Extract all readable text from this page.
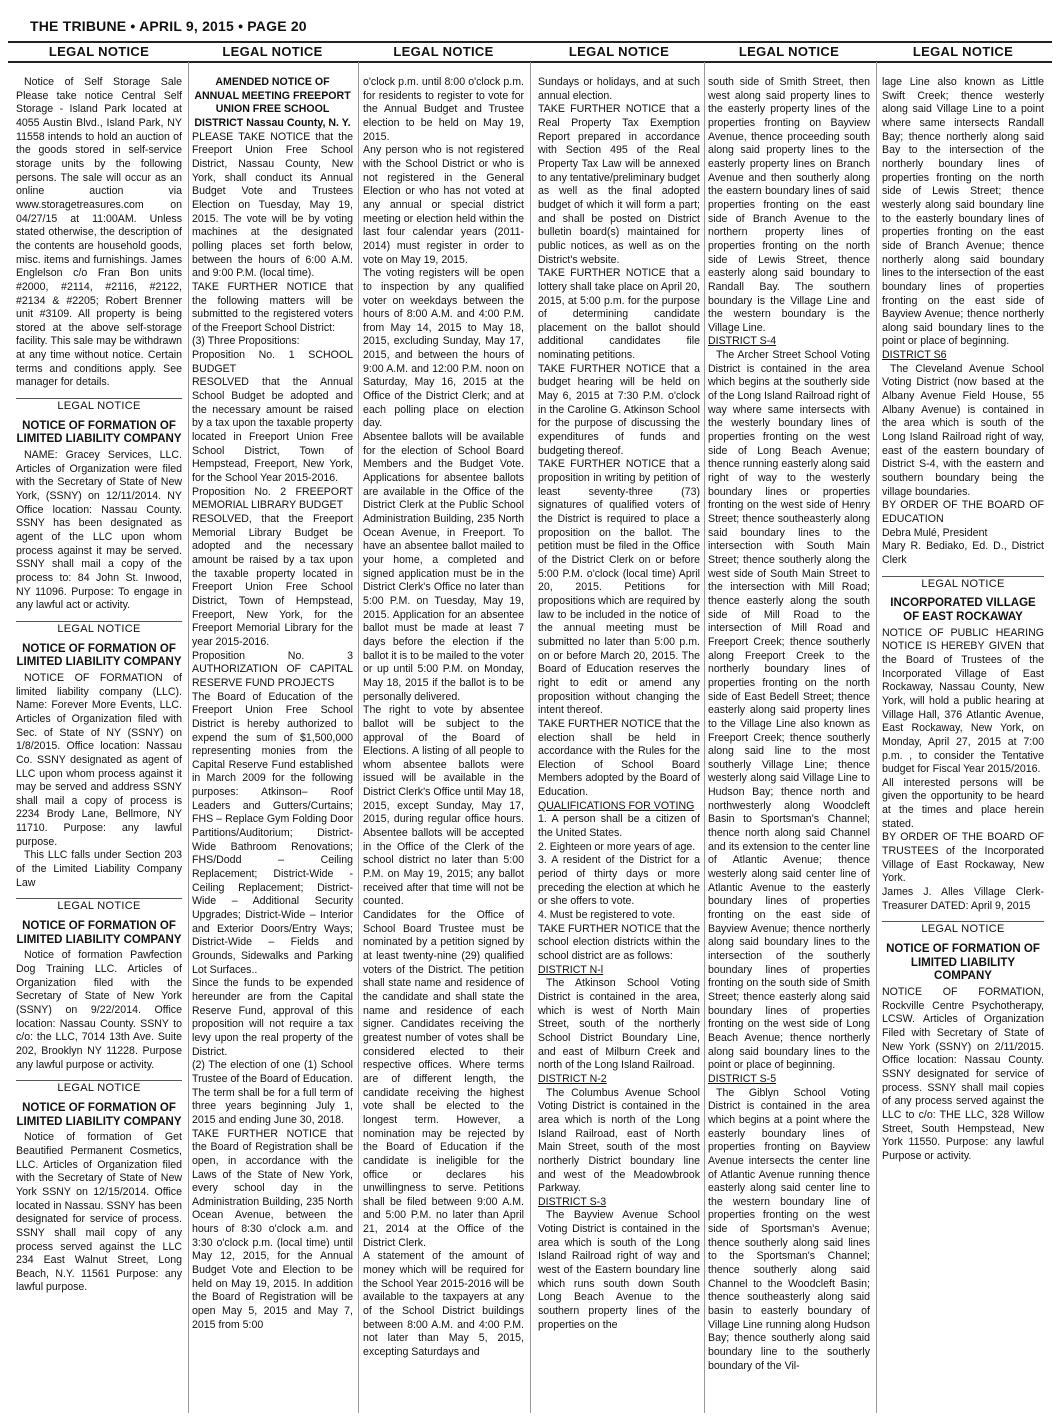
THE TRIBUNE • APRIL 9, 2015 • PAGE 20
LEGAL NOTICE

Notice of Self Storage Sale Please take notice Central Self Storage - Island Park located at 4055 Austin Blvd., Island Park, NY 11558 intends to hold an auction of the goods stored in self-service storage units by the following persons. The sale will occur as an online auction via www.storagetreasures.com on 04/27/15 at 11:00AM. Unless stated otherwise, the description of the contents are household goods, misc. items and furnishings. James Englelson c/o Fran Bon units #2000, #2114, #2116, #2122, #2134 & #2205; Robert Brenner unit #3109. All property is being stored at the above self-storage facility. This sale may be withdrawn at any time without notice. Certain terms and conditions apply. See manager for details.

LEGAL NOTICE
NOTICE OF FORMATION OF LIMITED LIABILITY COMPANY

NAME: Gracey Services, LLC. Articles of Organization were filed with the Secretary of State of New York, (SSNY) on 12/11/2014. NY Office location: Nassau County. SSNY has been designated as agent of the LLC upon whom process against it may be served. SSNY shall mail a copy of the process to: 84 John St. Inwood, NY 11096. Purpose: To engage in any lawful act or activity.

LEGAL NOTICE
NOTICE OF FORMATION OF LIMITED LIABILITY COMPANY

NOTICE OF FORMATION of limited liability company (LLC). Name: Forever More Events, LLC. Articles of Organization filed with Sec. of State of NY (SSNY) on 1/8/2015. Office location: Nassau Co. SSNY designated as agent of LLC upon whom process against it may be served and address SSNY shall mail a copy of process is 2234 Brody Lane, Bellmore, NY 11710. Purpose: any lawful purpose.

This LLC falls under Section 203 of the Limited Liability Company Law

LEGAL NOTICE
NOTICE OF FORMATION OF LIMITED LIABILITY COMPANY

Notice of formation Pawfection Dog Training LLC. Articles of Organization filed with the Secretary of State of New York (SSNY) on 9/22/2014. Office location: Nassau County. SSNY to c/o: the LLC, 7014 13th Ave. Suite 202, Brooklyn NY 11228. Purpose any lawful purpose or activity.

LEGAL NOTICE
NOTICE OF FORMATION OF LIMITED LIABILITY COMPANY

Notice of formation of Get Beautified Permanent Cosmetics, LLC. Articles of Organization filed with the Secretary of State of New York SSNY on 12/15/2014. Office located in Nassau. SSNY has been designated for service of process. SSNY shall mail copy of any process served against the LLC 234 East Walnut Street, Long Beach, N.Y. 11561 Purpose: any lawful purpose.

LEGAL NOTICE
AMENDED NOTICE OF ANNUAL MEETING FREEPORT UNION FREE SCHOOL DISTRICT Nassau County, N. Y.

PLEASE TAKE NOTICE that the Freeport Union Free School District, Nassau County, New York, shall conduct its Annual Budget Vote and Trustees Election on Tuesday, May 19, 2015. The vote will be by voting machines at the designated polling places set forth below, between the hours of 6:00 A.M. and 9:00 P.M. (local time).

TAKE FURTHER NOTICE that the following matters will be submitted to the registered voters of the Freeport School District:

(3) Three Propositions:

Proposition No. 1 SCHOOL BUDGET

RESOLVED that the Annual School Budget be adopted and the necessary amount be raised by a tax upon the taxable property located in Freeport Union Free School District, Town of Hempstead, Freeport, New York, for the School Year 2015-2016.

Proposition No. 2 FREEPORT MEMORIAL LIBRARY BUDGET

RESOLVED, that the Freeport Memorial Library Budget be adopted and the necessary amount be raised by a tax upon the taxable property located in Freeport Union Free School District, Town of Hempstead, Freeport, New York, for the Freeport Memorial Library for the year 2015-2016.

Proposition No. 3 AUTHORIZATION OF CAPITAL RESERVE FUND PROJECTS

The Board of Education of the Freeport Union Free School District is hereby authorized to expend the sum of $1,500,000 representing monies from the Capital Reserve Fund established in March 2009 for the following purposes: Atkinson– Roof Leaders and Gutters/Curtains; FHS – Replace Gym Folding Door Partitions/Auditorium; District-Wide Bathroom Renovations; FHS/Dodd – Ceiling Replacement; District-Wide - Ceiling Replacement; District-Wide – Additional Security Upgrades; District-Wide – Interior and Exterior Doors/Entry Ways; District-Wide – Fields and Grounds, Sidewalks and Parking Lot Surfaces..

Since the funds to be expended hereunder are from the Capital Reserve Fund, approval of this proposition will not require a tax levy upon the real property of the District.

(2) The election of one (1) School Trustee of the Board of Education. The term shall be for a full term of three years beginning July 1, 2015 and ending June 30, 2018.

TAKE FURTHER NOTICE that the Board of Registration shall be open, in accordance with the Laws of the State of New York, every school day in the Administration Building, 235 North Ocean Avenue, between the hours of 8:30 o'clock a.m. and 3:30 o'clock p.m. (local time) until May 12, 2015, for the Annual Budget Vote and Election to be held on May 19, 2015. In addition the Board of Registration will be open May 5, 2015 and May 7, 2015 from 5:00

LEGAL NOTICE

o'clock p.m. until 8:00 o'clock p.m. for residents to register to vote for the Annual Budget and Trustee election to be held on May 19, 2015.

Any person who is not registered with the School District or who is not registered in the General Election or who has not voted at any annual or special district meeting or election held within the last four calendar years (2011-2014) must register in order to vote on May 19, 2015.

The voting registers will be open to inspection by any qualified voter on weekdays between the hours of 8:00 A.M. and 4:00 P.M. from May 14, 2015 to May 18, 2015, excluding Sunday, May 17, 2015, and between the hours of 9:00 A.M. and 12:00 P.M. noon on Saturday, May 16, 2015 at the Office of the District Clerk; and at each polling place on election day.

Absentee ballots will be available for the election of School Board Members and the Budget Vote. Applications for absentee ballots are available in the Office of the District Clerk at the Public School Administration Building, 235 North Ocean Avenue, in Freeport. To have an absentee ballot mailed to your home, a completed and signed application must be in the District Clerk's Office no later than 5:00 P.M. on Tuesday, May 19, 2015. Application for an absentee ballot must be made at least 7 days before the election if the ballot it is to be mailed to the voter or up until 5:00 P.M. on Monday, May 18, 2015 if the ballot is to be personally delivered.

The right to vote by absentee ballot will be subject to the approval of the Board of Elections. A listing of all people to whom absentee ballots were issued will be available in the District Clerk's Office until May 18, 2015, except Sunday, May 17, 2015, during regular office hours. Absentee ballots will be accepted in the Office of the Clerk of the school district no later than 5:00 P.M. on May 19, 2015; any ballot received after that time will not be counted.

Candidates for the Office of School Board Trustee must be nominated by a petition signed by at least twenty-nine (29) qualified voters of the District. The petition shall state name and residence of the candidate and shall state the name and residence of each signer. Candidates receiving the greatest number of votes shall be considered elected to their respective offices. Where terms are of different length, the candidate receiving the highest vote shall be elected to the longest term. However, a nomination may be rejected by the Board of Education if the candidate is ineligible for the office or declares his unwillingness to serve. Petitions shall be filed between 9:00 A.M. and 5:00 P.M. no later than April 21, 2014 at the Office of the District Clerk.

A statement of the amount of money which will be required for the School Year 2015-2016 will be available to the taxpayers at any of the School District buildings between 8:00 A.M. and 4:00 P.M. not later than May 5, 2015, excepting Saturdays and

LEGAL NOTICE

Sundays or holidays, and at such annual election.

TAKE FURTHER NOTICE that a Real Property Tax Exemption Report prepared in accordance with Section 495 of the Real Property Tax Law will be annexed to any tentative/preliminary budget as well as the final adopted budget of which it will form a part; and shall be posted on District bulletin board(s) maintained for public notices, as well as on the District's website.

TAKE FURTHER NOTICE that a lottery shall take place on April 20, 2015, at 5:00 p.m. for the purpose of determining candidate placement on the ballot should additional candidates file nominating petitions.

TAKE FURTHER NOTICE that a budget hearing will be held on May 6, 2015 at 7:30 P.M. o'clock in the Caroline G. Atkinson School for the purpose of discussing the expenditures of funds and budgeting thereof.

TAKE FURTHER NOTICE that a proposition in writing by petition of least seventy-three (73) signatures of qualified voters of the District is required to place a proposition on the ballot. The petition must be filed in the Office of the District Clerk on or before 5:00 P.M. o'clock (local time) April 20, 2015. Petitions for propositions which are required by law to be included in the notice of the annual meeting must be submitted no later than 5:00 p.m. on or before March 20, 2015. The Board of Education reserves the right to edit or amend any proposition without changing the intent thereof.

TAKE FURTHER NOTICE that the election shall be held in accordance with the Rules for the Election of School Board Members adopted by the Board of Education.

QUALIFICATIONS FOR VOTING

1. A person shall be a citizen of the United States.

2. Eighteen or more years of age.

3. A resident of the District for a period of thirty days or more preceding the election at which he or she offers to vote.

4. Must be registered to vote.

TAKE FURTHER NOTICE that the school election districts within the school district are as follows:

DISTRICT N-l

The Atkinson School Voting District is contained in the area, which is west of North Main Street, south of the northerly School District Boundary Line, and east of Milburn Creek and north of the Long Island Railroad.

DISTRICT N-2

The Columbus Avenue School Voting District is contained in the area which is north of the Long Island Railroad, east of North Main Street, south of the most northerly District boundary line and west of the Meadowbrook Parkway.

DISTRICT S-3

The Bayview Avenue School Voting District is contained in the area which is south of the Long Island Railroad right of way and west of the Eastern boundary line which runs south down South Long Beach Avenue to the southern property lines of the properties on the

LEGAL NOTICE

south side of Smith Street, then west along said property lines to the easterly property lines of the properties fronting on Bayview Avenue, thence proceeding south along said property lines to the easterly property lines on Branch Avenue and then southerly along the eastern boundary lines of said properties fronting on the east side of Branch Avenue to the northern property lines of properties fronting on the north side of Lewis Street, thence easterly along said boundary to Randall Bay. The southern boundary is the Village Line and the western boundary is the Village Line.

DISTRICT S-4

The Archer Street School Voting District is contained in the area which begins at the southerly side of the Long Island Railroad right of way where same intersects with the westerly boundary lines of properties fronting on the west side of Long Beach Avenue; thence running easterly along said right of way to the westerly boundary lines or properties fronting on the west side of Henry Street; thence southeasterly along said boundary lines to the intersection with South Main Street; thence southerly along the west side of South Main Street to the intersection with Mill Road; thence easterly along the south side of Mill Road to the intersection of Mill Road and Freeport Creek; thence southerly along Freeport Creek to the northerly boundary lines of properties fronting on the north side of East Bedell Street; thence easterly along said property lines to the Village Line also known as Freeport Creek; thence southerly along said line to the most southerly Village Line; thence westerly along said Village Line to Hudson Bay; thence north and northwesterly along Woodcleft Basin to Sportsman's Channel; thence north along said Channel and its extension to the center line of Atlantic Avenue; thence westerly along said center line of Atlantic Avenue to the easterly boundary lines of properties fronting on the east side of Bayview Avenue; thence northerly along said boundary lines to the intersection of the southerly boundary lines of properties fronting on the south side of Smith Street; thence easterly along said boundary lines of properties fronting on the west side of Long Beach Avenue; thence northerly along said boundary lines to the point or place of beginning.

DISTRICT S-5

The Giblyn School Voting District is contained in the area which begins at a point where the easterly boundary lines of properties fronting on Bayview Avenue intersects the center line of Atlantic Avenue running thence easterly along said center line to the western boundary line of properties fronting on the west side of Sportsman's Avenue; thence southerly along said lines to the Sportsman's Channel; thence southerly along said Channel to the Woodcleft Basin; thence southeasterly along said basin to easterly boundary of Village Line running along Hudson Bay; thence southerly along said boundary line to the southerly boundary of the Vil-

LEGAL NOTICE

lage Line also known as Little Swift Creek; thence westerly along said Village Line to a point where same intersects Randall Bay; thence northerly along said Bay to the intersection of the northerly boundary lines of properties fronting on the north side of Lewis Street; thence westerly along said boundary line to the easterly boundary lines of properties fronting on the east side of Branch Avenue; thence northerly along said boundary lines to the intersection of the east boundary lines of properties fronting on the east side of Bayview Avenue; thence northerly along said boundary lines to the point or place of beginning.

DISTRICT S6

The Cleveland Avenue School Voting District (now based at the Albany Avenue Field House, 55 Albany Avenue) is contained in the area which is south of the Long Island Railroad right of way, east of the eastern boundary of District S-4, with the eastern and southern boundary being the village boundaries.

BY ORDER OF THE BOARD OF EDUCATION

Debra Mulé, President

Mary R. Bediako, Ed. D., District Clerk

LEGAL NOTICE
INCORPORATED VILLAGE OF EAST ROCKAWAY

NOTICE OF PUBLIC HEARING NOTICE IS HEREBY GIVEN that the Board of Trustees of the Incorporated Village of East Rockaway, Nassau County, New York, will hold a public hearing at Village Hall, 376 Atlantic Avenue, East Rockaway, New York, on Monday, April 27, 2015 at 7:00 p.m. , to consider the Tentative budget for Fiscal Year 2015/2016.

All interested persons will be given the opportunity to be heard at the times and place herein stated.

BY ORDER OF THE BOARD OF TRUSTEES of the Incorporated Village of East Rockaway, New York.

James J. Alles Village Clerk-Treasurer DATED: April 9, 2015

LEGAL NOTICE
NOTICE OF FORMATION OF LIMITED LIABILITY COMPANY

NOTICE OF FORMATION, Rockville Centre Psychotherapy, LCSW. Articles of Organization Filed with Secretary of State of New York (SSNY) on 2/11/2015. Office location: Nassau County. SSNY designated for service of process. SSNY shall mail copies of any process served against the LLC to c/o: THE LLC, 328 Willow Street, South Hempstead, New York 11550. Purpose: any lawful Purpose or activity.
